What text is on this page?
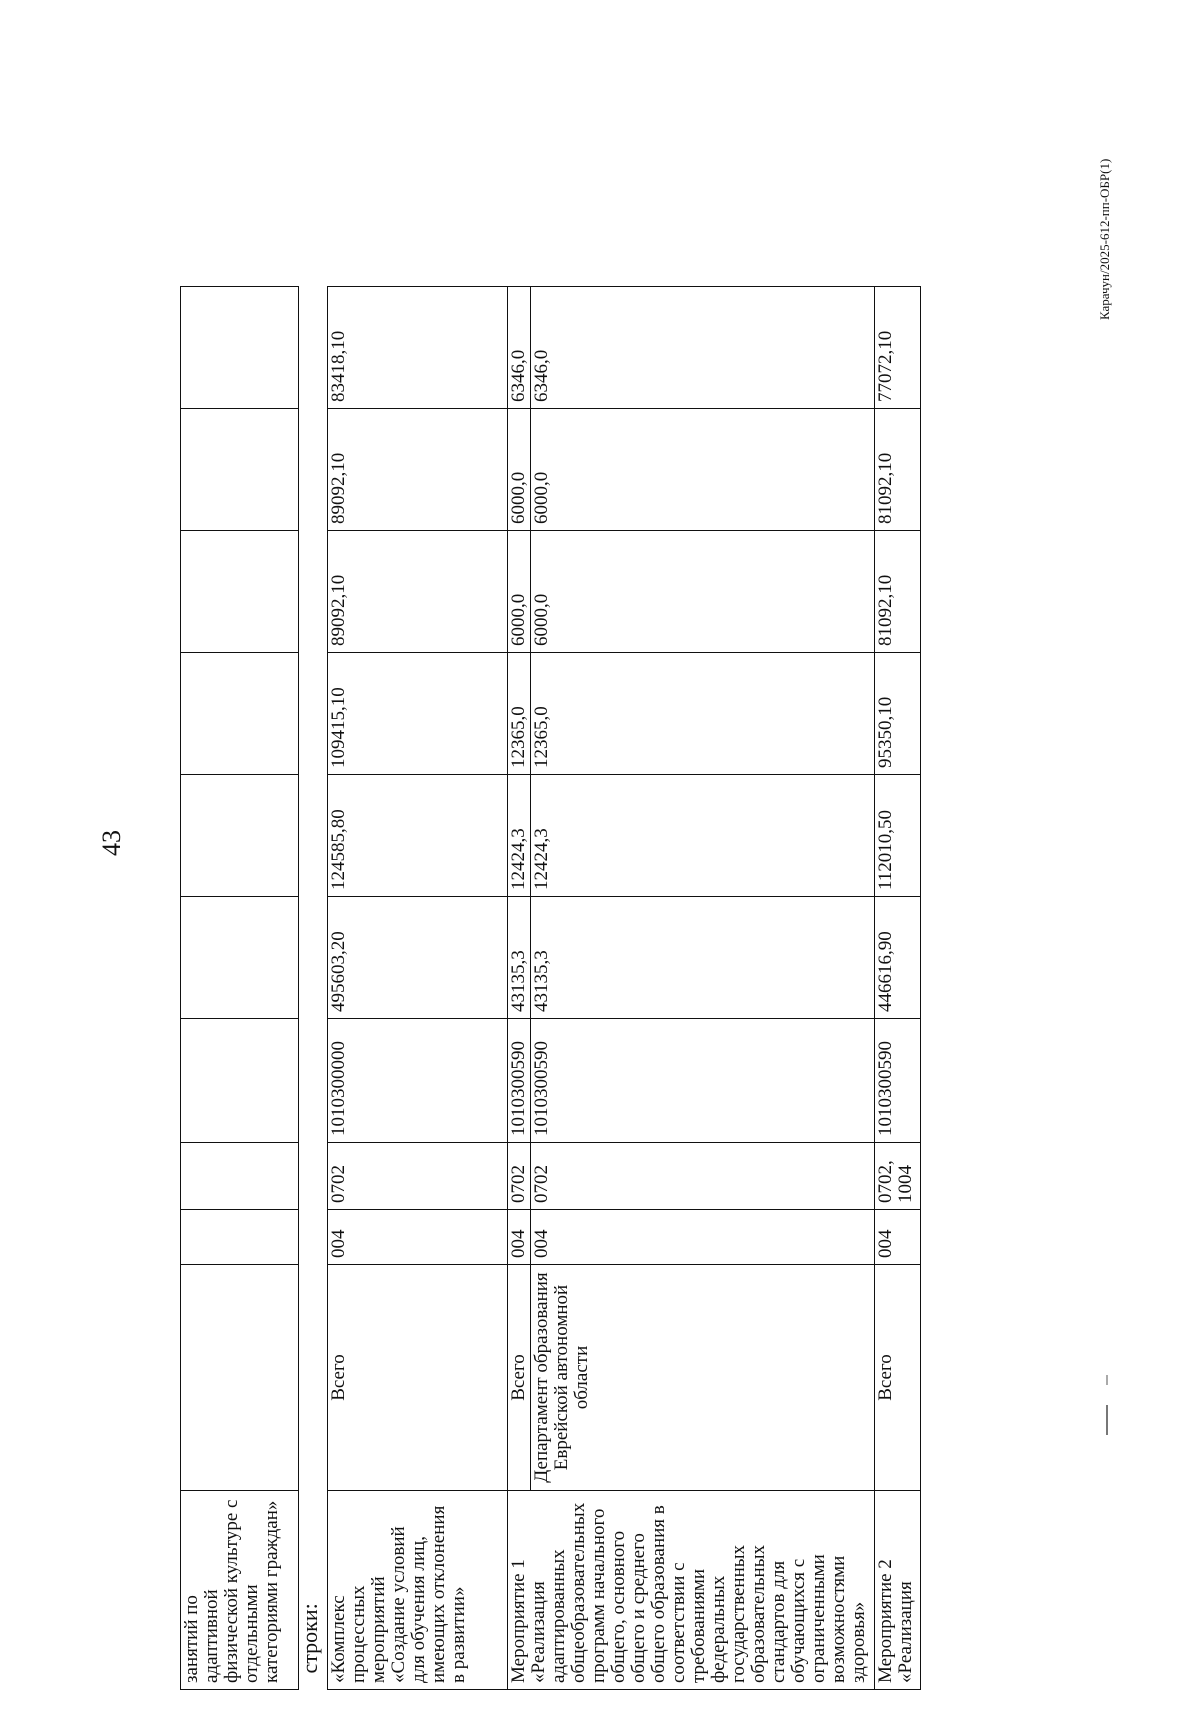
43
Карачун/2025-612-пп-ОБР(1)
занятий по адаптивной физической культуре с отдельными категориями граждан»										
строки:										
«Комплекс процессных мероприятий «Создание условий для обучения лиц, имеющих отклонения в развитии»	Всего	004	0702	1010300000	495603,20	124585,80	109415,10	89092,10	89092,10	83418,10
Мероприятие 1 «Реализация адаптированных общеобразовательных программ начального общего, основного общего и среднего общего образования в соответствии с требованиями федеральных государственных образовательных стандартов для обучающихся с ограниченными возможностями здоровья»	Всего	004	0702	1010300590	43135,3	12424,3	12365,0	6000,0	6000,0	6346,0
	Департамент образования Еврейской автономной области	004	0702	1010300590	43135,3	12424,3	12365,0	6000,0	6000,0	6346,0
Мероприятие 2 «Реализация	Всего	004	0702, 1004	1010300590	446616,90	112010,50	95350,10	81092,10	81092,10	77072,10
